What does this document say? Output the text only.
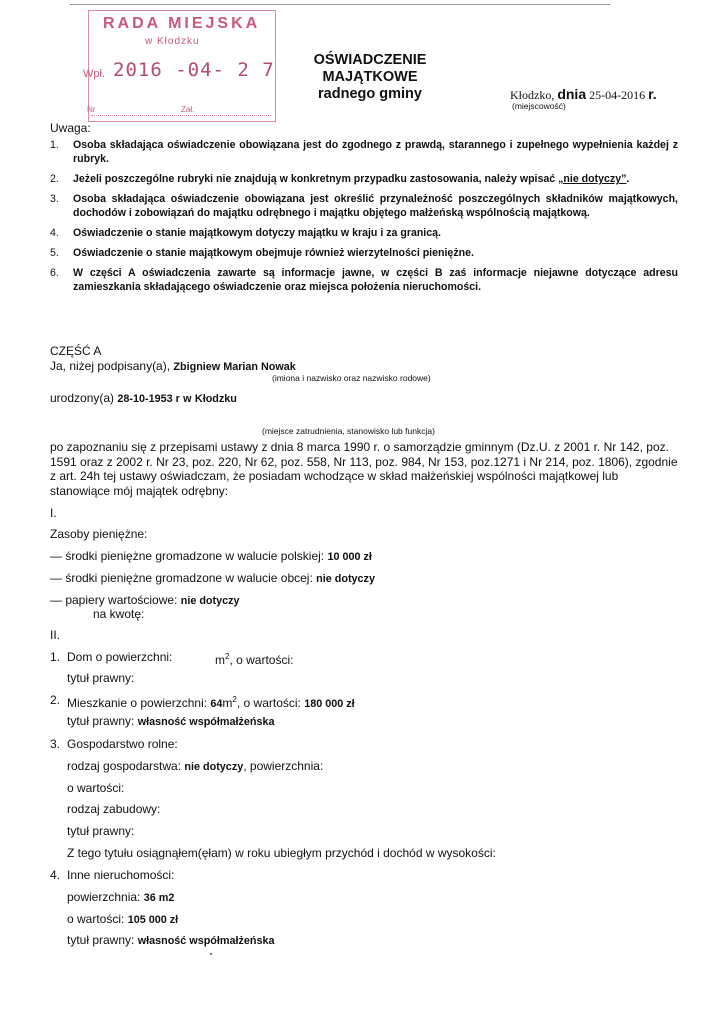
RADA MIEJSKA
w Kłodzku
Wpł. 2016 -04- 2 7
Nr	Zał.
OŚWIADCZENIE MAJĄTKOWE
radnego gminy	Kłodzko, dnia 25-04-2016 r.
(miejscowość)
Uwaga:
1. Osoba składająca oświadczenie obowiązana jest do zgodnego z prawdą, starannego i zupełnego wypełnienia każdej z rubryk.
2. Jeżeli poszczególne rubryki nie znajdują w konkretnym przypadku zastosowania, należy wpisać „nie dotyczy”.
3. Osoba składająca oświadczenie obowiązana jest określić przynależność poszczególnych składników majątkowych, dochodów i zobowiązań do majątku odrębnego i majątku objętego małżeńską wspólnością majątkową.
4. Oświadczenie o stanie majątkowym dotyczy majątku w kraju i za granicą.
5. Oświadczenie o stanie majątkowym obejmuje również wierzytelności pieniężne.
6. W części A oświadczenia zawarte są informacje jawne, w części B zaś informacje niejawne dotyczące adresu zamieszkania składającego oświadczenie oraz miejsca położenia nieruchomości.
CZĘŚĆ A
Ja, niżej podpisany(a), Zbigniew Marian Nowak
(imiona i nazwisko oraz nazwisko rodowe)
urodzony(a) 28-10-1953 r w Kłodzku
(miejsce zatrudnienia, stanowisko lub funkcja)
po zapoznaniu się z przepisami ustawy z dnia 8 marca 1990 r. o samorządzie gminnym (Dz.U. z 2001 r. Nr 142, poz. 1591 oraz z 2002 r. Nr 23, poz. 220, Nr 62, poz. 558, Nr 113, poz. 984, Nr 153, poz.1271 i Nr 214, poz. 1806), zgodnie z art. 24h tej ustawy oświadczam, że posiadam wchodzące w skład małżeńskiej wspólności majątkowej lub stanowiące mój majątek odrębny:
I.
Zasoby pieniężne:
— środki pieniężne gromadzone w walucie polskiej: 10 000 zł
— środki pieniężne gromadzone w walucie obcej: nie dotyczy
— papiery wartościowe: nie dotyczy
na kwotę:
II.
1. Dom o powierzchni:	$m^2$, o wartości:
tytuł prawny:
2. Mieszkanie o powierzchni: $64m^2$, o wartości: 180 000 zł
tytuł prawny: własność współmałżeńska
3. Gospodarstwo rolne:
rodzaj gospodarstwa: nie dotyczy, powierzchnia:
o wartości:
rodzaj zabudowy:
tytuł prawny:
Z tego tytułu osiągnąłem(ęłam) w roku ubiegłym przychód i dochód w wysokości:
4. Inne nieruchomości:
powierzchnia: 36 m2
o wartości: 105 000 zł
tytuł prawny: własność współmałżeńska
